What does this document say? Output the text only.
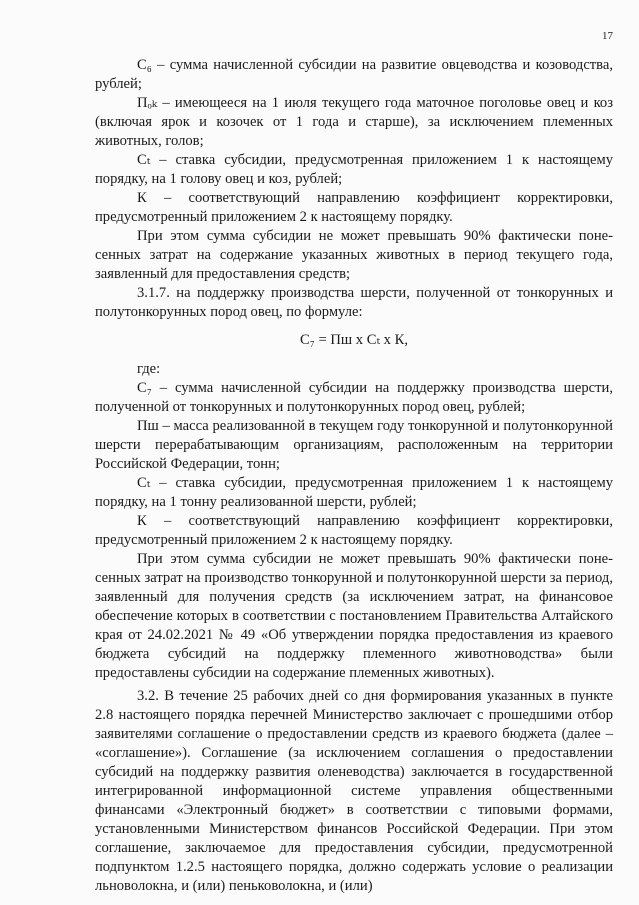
17

С₆ – сумма начисленной субсидии на развитие овцеводства и козоводства, рублей;

Пₒₖ – имеющееся на 1 июля текущего года маточное поголовье овец и коз (включая ярок и козочек от 1 года и старше), за исключением племенных животных, голов;

Сₜ – ставка субсидии, предусмотренная приложением 1 к настоящему порядку, на 1 голову овец и коз, рублей;

К – соответствующий направлению коэффициент корректировки, предусмотренный приложением 2 к настоящему порядку.

При этом сумма субсидии не может превышать 90% фактически понесенных затрат на содержание указанных животных в период текущего года, заявленный для предоставления средств;

3.1.7. на поддержку производства шерсти, полученной от тонкорунных и полутонкорунных пород овец, по формуле:

С₇ = Пш х Сₜ х К,

где:

С₇ – сумма начисленной субсидии на поддержку производства шерсти, полученной от тонкорунных и полутонкорунных пород овец, рублей;

Пш – масса реализованной в текущем году тонкорунной и полутонкорунной шерсти перерабатывающим организациям, расположенным на территории Российской Федерации, тонн;

Сₜ – ставка субсидии, предусмотренная приложением 1 к настоящему порядку, на 1 тонну реализованной шерсти, рублей;

К – соответствующий направлению коэффициент корректировки, предусмотренный приложением 2 к настоящему порядку.

При этом сумма субсидии не может превышать 90% фактически понесенных затрат на производство тонкорунной и полутонкорунной шерсти за период, заявленный для получения средств (за исключением затрат, на финансовое обеспечение которых в соответствии с постановлением Правительства Алтайского края от 24.02.2021 № 49 «Об утверждении порядка предоставления из краевого бюджета субсидий на поддержку племенного животноводства» были предоставлены субсидии на содержание племенных животных).

3.2. В течение 25 рабочих дней со дня формирования указанных в пункте 2.8 настоящего порядка перечней Министерство заключает с прошедшими отбор заявителями соглашение о предоставлении средств из краевого бюджета (далее – «соглашение»). Соглашение (за исключением соглашения о предоставлении субсидий на поддержку развития оленеводства) заключается в государственной интегрированной информационной системе управления общественными финансами «Электронный бюджет» в соответствии с типовыми формами, установленными Министерством финансов Российской Федерации. При этом соглашение, заключаемое для предоставления субсидии, предусмотренной подпунктом 1.2.5 настоящего порядка, должно содержать условие о реализации льноволокна, и (или) пеньковолокна, и (или)
